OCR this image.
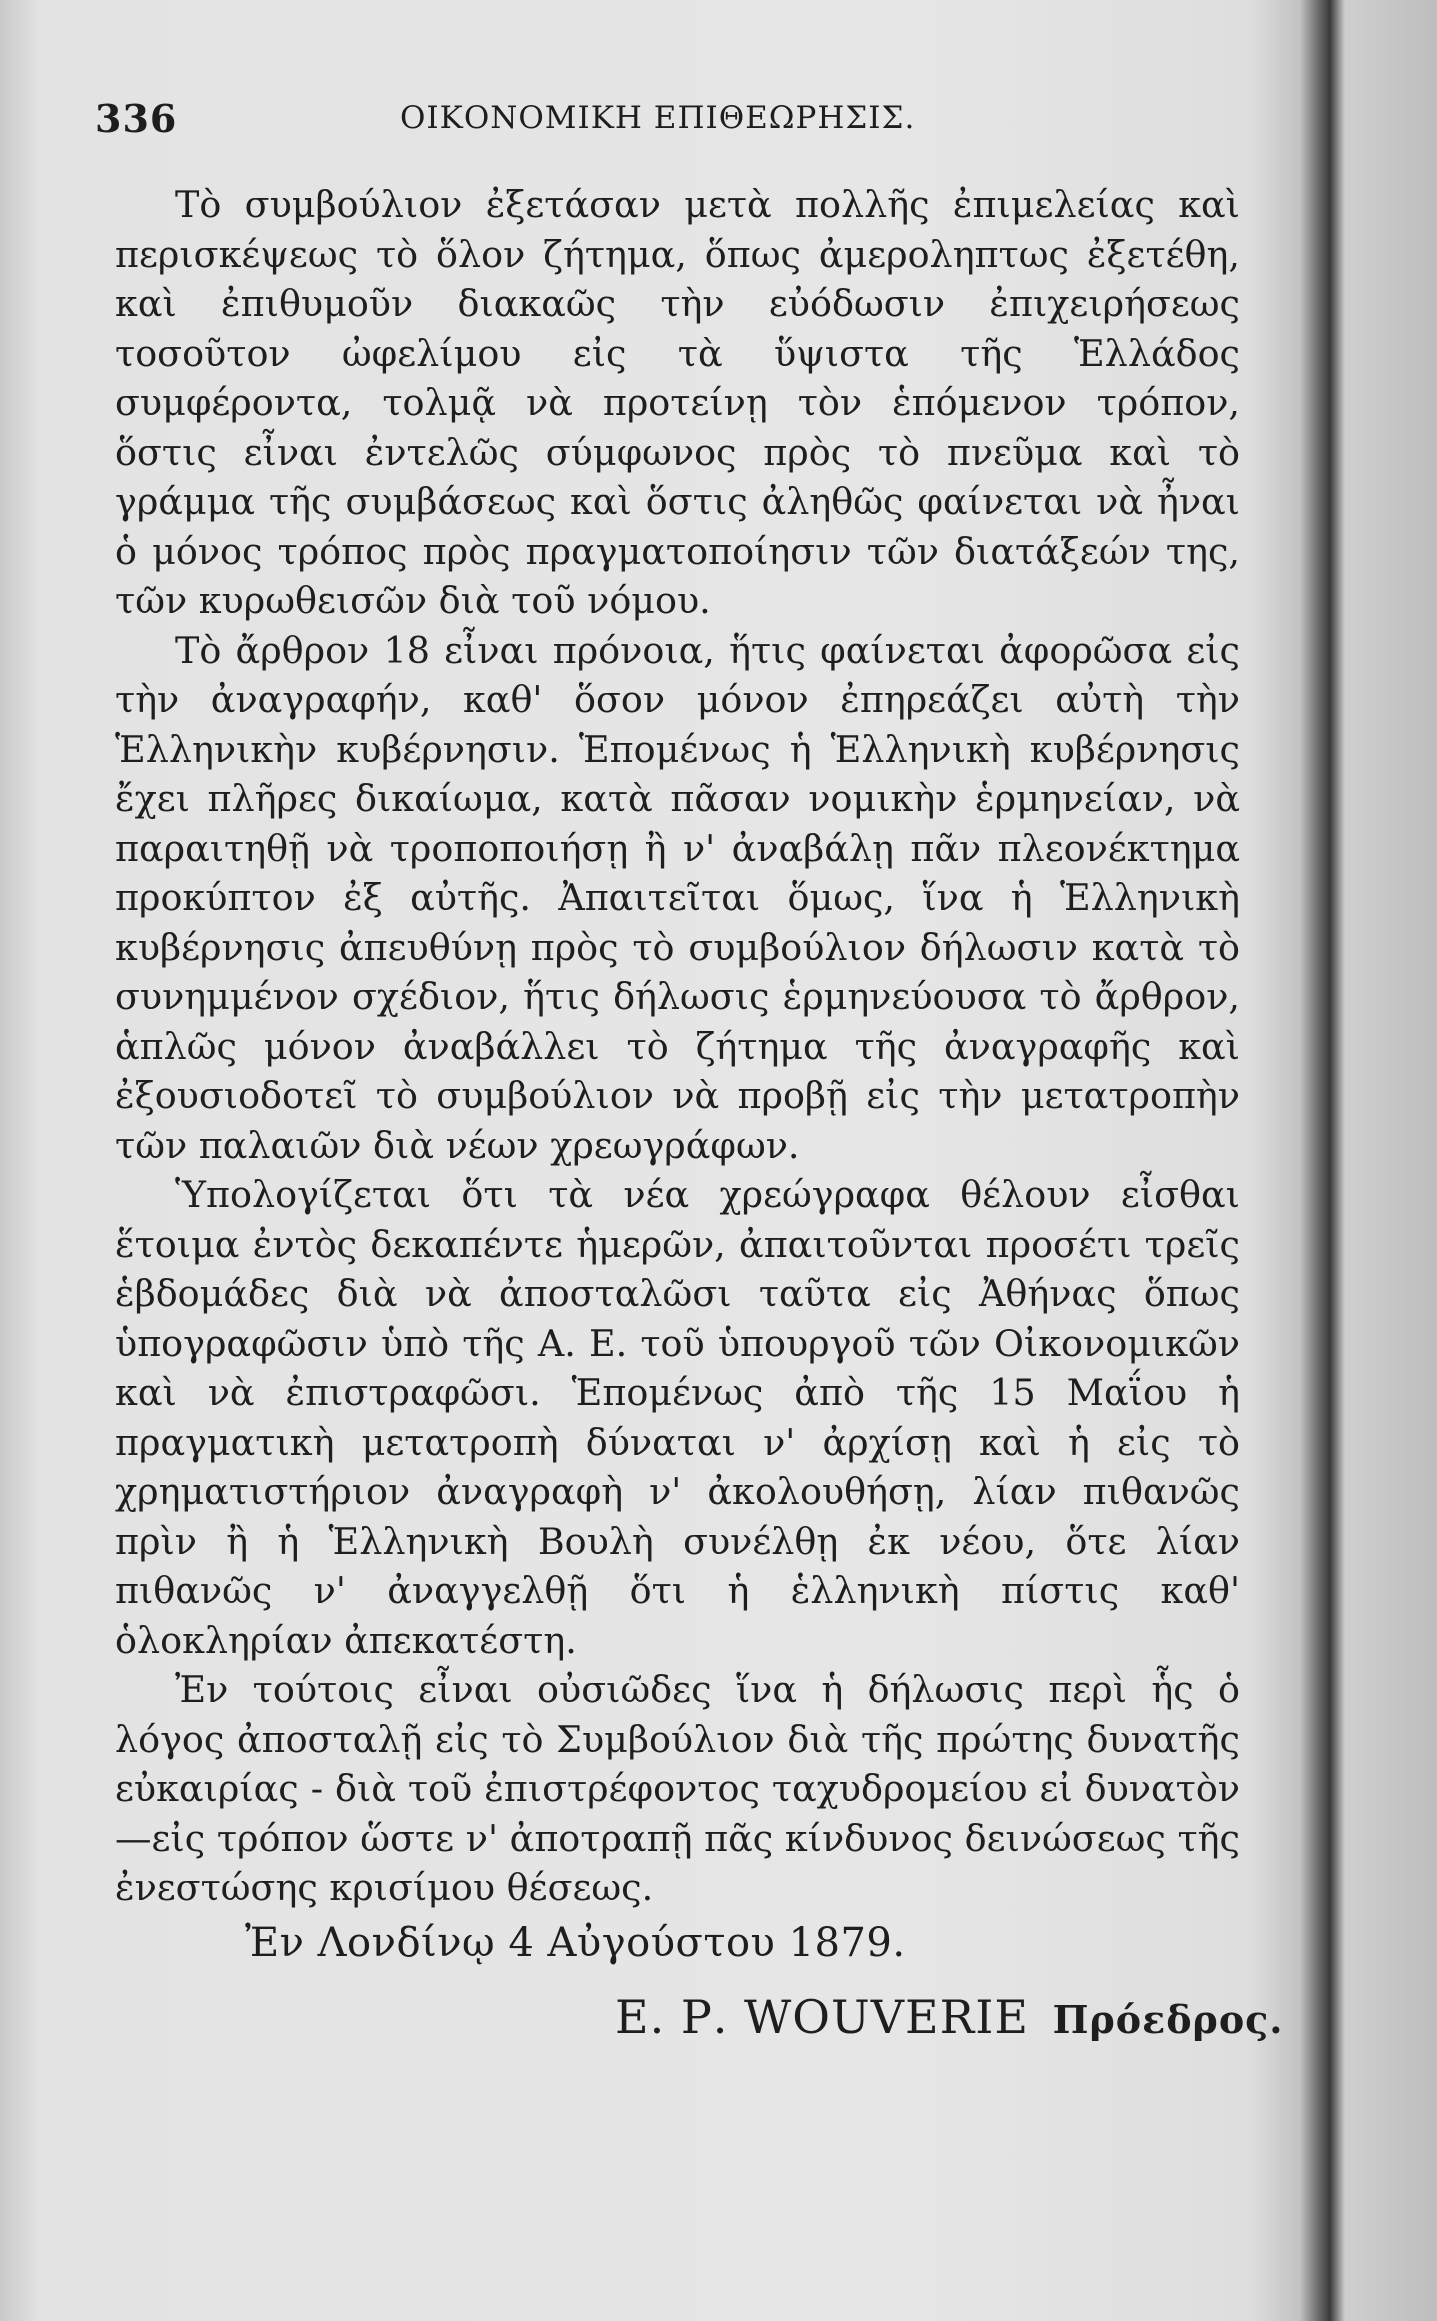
336	ΟΙΚΟΝΟΜΙΚΗ ΕΠΙΘΕΩΡΗΣΙΣ.

Τὸ συμβούλιον ἐξετάσαν μετὰ πολλῆς ἐπιμελείας καὶ περισκέψεως τὸ ὅλον ζήτημα, ὅπως ἀμεροληπτως ἐξετέθη, καὶ ἐπιθυμοῦν διακαῶς τὴν εὐόδωσιν ἐπιχειρήσεως τοσοῦτον ὠφελίμου εἰς τὰ ὕψιστα τῆς Ἑλλάδος συμφέροντα, τολμᾷ νὰ προτείνῃ τὸν ἑπόμενον τρόπον, ὅστις εἶναι ἐντελῶς σύμφωνος πρὸς τὸ πνεῦμα καὶ τὸ γράμμα τῆς συμβάσεως καὶ ὅστις ἀληθῶς φαίνεται νὰ ἦναι ὁ μόνος τρόπος πρὸς πραγματοποίησιν τῶν διατάξεών της, τῶν κυρωθεισῶν διὰ τοῦ νόμου.

Τὸ ἄρθρον 18 εἶναι πρόνοια, ἥτις φαίνεται ἀφορῶσα εἰς τὴν ἀναγραφήν, καθ' ὅσον μόνον ἐπηρεάζει αὐτὴ τὴν Ἑλληνικὴν κυβέρνησιν. Ἑπομένως ἡ Ἑλληνικὴ κυβέρνησις ἔχει πλῆρες δικαίωμα, κατὰ πᾶσαν νομικὴν ἑρμηνείαν, νὰ παραιτηθῇ νὰ τροποποιήσῃ ἢ ν' ἀναβάλῃ πᾶν πλεονέκτημα προκύπτον ἐξ αὐτῆς. Ἀπαιτεῖται ὅμως, ἵνα ἡ Ἑλληνικὴ κυβέρνησις ἀπευθύνῃ πρὸς τὸ συμβούλιον δήλωσιν κατὰ τὸ συνημμένον σχέδιον, ἥτις δήλωσις ἑρμηνεύουσα τὸ ἄρθρον, ἁπλῶς μόνον ἀναβάλλει τὸ ζήτημα τῆς ἀναγραφῆς καὶ ἐξουσιοδοτεῖ τὸ συμβούλιον νὰ προβῇ εἰς τὴν μετατροπὴν τῶν παλαιῶν διὰ νέων χρεωγράφων.

Ὑπολογίζεται ὅτι τὰ νέα χρεώγραφα θέλουν εἶσθαι ἕτοιμα ἐντὸς δεκαπέντε ἡμερῶν, ἀπαιτοῦνται προσέτι τρεῖς ἑβδομάδες διὰ νὰ ἀποσταλῶσι ταῦτα εἰς Ἀθήνας ὅπως ὑπογραφῶσιν ὑπὸ τῆς Α. Ε. τοῦ ὑπουργοῦ τῶν Οἰκονομικῶν καὶ νὰ ἐπιστραφῶσι. Ἑπομένως ἀπὸ τῆς 15 Μαΐου ἡ πραγματικὴ μετατροπὴ δύναται ν' ἀρχίσῃ καὶ ἡ εἰς τὸ χρηματιστήριον ἀναγραφὴ ν' ἀκολουθήσῃ, λίαν πιθανῶς πρὶν ἢ ἡ Ἑλληνικὴ Βουλὴ συνέλθῃ ἐκ νέου, ὅτε λίαν πιθανῶς ν' ἀναγγελθῇ ὅτι ἡ ἑλληνικὴ πίστις καθ' ὁλοκληρίαν ἀπεκατέστη.

Ἐν τούτοις εἶναι οὐσιῶδες ἵνα ἡ δήλωσις περὶ ἧς ὁ λόγος ἀποσταλῇ εἰς τὸ Συμβούλιον διὰ τῆς πρώτης δυνατῆς εὐκαιρίας - διὰ τοῦ ἐπιστρέφοντος ταχυδρομείου εἰ δυνατὸν—εἰς τρόπον ὥστε ν' ἀποτραπῇ πᾶς κίνδυνος δεινώσεως τῆς ἐνεστώσης κρισίμου θέσεως.

Ἐν Λονδίνῳ 4 Αὐγούστου 1879.
Ε. Ρ. WOUVERIE Πρόεδρος.
